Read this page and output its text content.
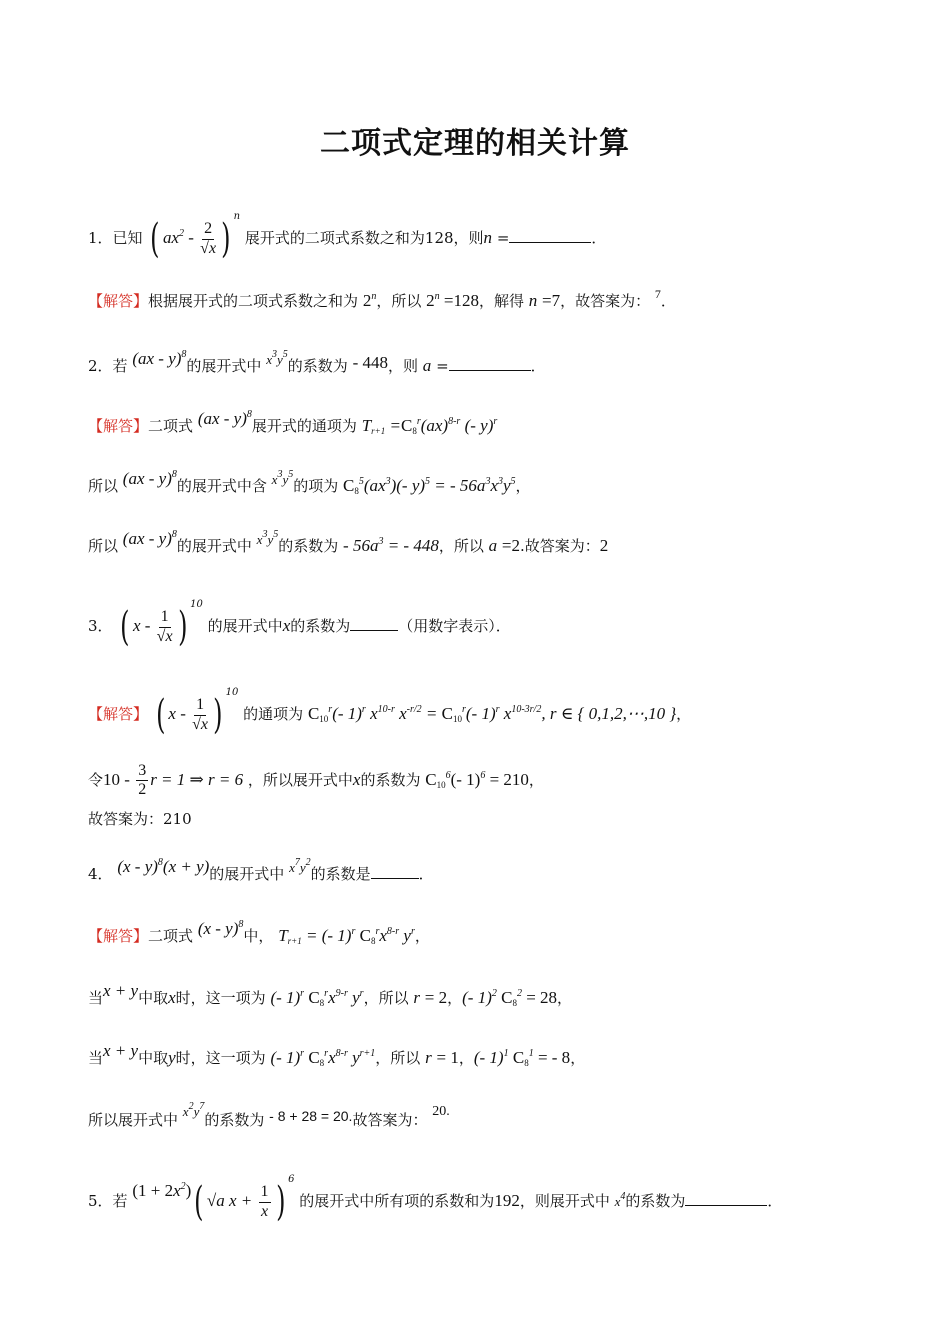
二项式定理的相关计算
1．已知 ( $ax^2 - \frac{2}{√x}$ ) $^n$ 展开式的二项式系数之和为128，则n =	．
【解答】根据展开式的二项式系数之和为 2$^n$，所以 $2^n =128$，解得 n =7，故答案为： $^7$．
2．若 (ax - y)$^8$的展开式中 $x^3y^5$的系数为 - 448，则 a =	．
【解答】二项式 (ax - y)$^8$展开式的通项为 $T_{r+1} =C_8^r(ax)^{8-r}$ (- y)$^r$
所以 (ax - y)$^8$的展开式中含 $x^3y^5$的项为 $C_8^5(ax^3)(-$ y)$^5$ = - $56a^3x^3y^5$，
所以 (ax - y)$^8$的展开式中 $x^3y^5$的系数为 - $56a^3$ = - 448，所以 a =2.故答案为：2
3． ( x - $\frac{1}{√x}$ ) $^{10}$ 的展开式中x的系数为	（用数字表示）．
【解答】 ( x - $\frac{1}{√x}$ ) $^{10}$ 的通项为 $C_{10}^r(-$ 1)$^r$ $x^{10-r}$ $x^{-r/2} = C_{10}^r(-$ 1)$^r$ $x^{10-3r/2}$, r ∈ { 0,1,2,⋯,10 }，
令$10 - \frac{3}{2}$ r = 1 ⇒ r = 6 ，所以展开式中x的系数为 $C_{10}^6(-$ 1)$^6$ = 210，
故答案为：210
4． (x - y)$^8$(x + y)的展开式中 $x^7y^2$的系数是	．
【解答】二项式 (x - y)$^8$中， $T_{r+1}$ = (- 1)$^r$ $C_8^rx^{8-r}$ $y^r$，
当x + y中取x时，这一项为 (- 1)$^r$ $C_8^rx^{9-r}$ $y^r$，所以 r = 2，(- 1)$^2$ $C_8^2 = 28$，
当x + y中取y时，这一项为 (- 1)$^r$ $C_8^rx^{8-r}$ $y^{r+1}$，所以 r = 1，(- 1)$^1$ $C_8^1$ = - 8，
所以展开式中 $x^2y^7$的系数为 - 8 + 28 = 20.故答案为： 20.
5．若 $(1 + 2x^2)$( √a $x + \frac{1}{x}$ ) $^6$ 的展开式中所有项的系数和为192，则展开式中 $x^4$的系数为	．
